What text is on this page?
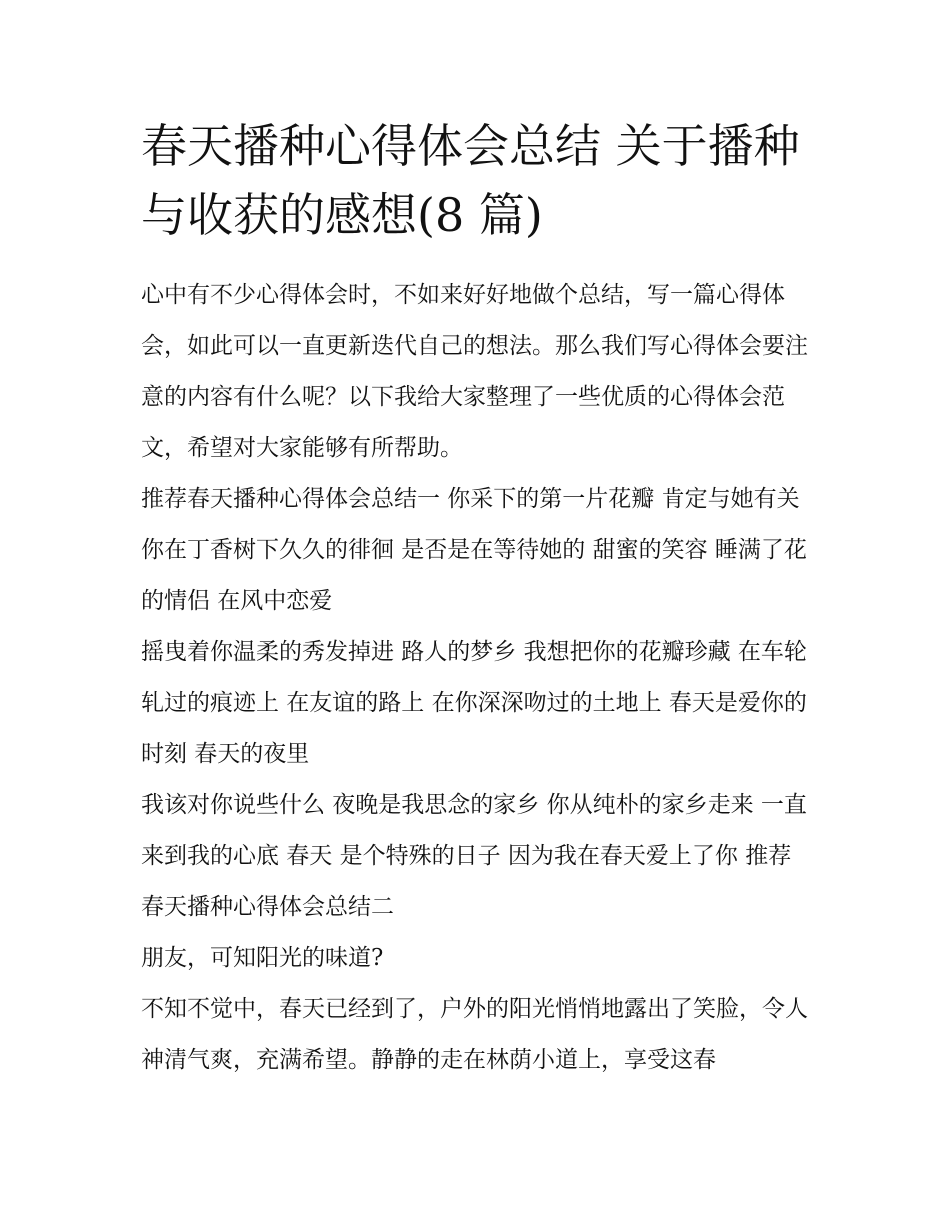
春天播种心得体会总结 关于播种与收获的感想(8 篇)

心中有不少心得体会时，不如来好好地做个总结，写一篇心得体会，如此可以一直更新迭代自己的想法。那么我们写心得体会要注意的内容有什么呢？以下我给大家整理了一些优质的心得体会范文，希望对大家能够有所帮助。

推荐春天播种心得体会总结一 你采下的第一片花瓣 肯定与她有关 你在丁香树下久久的徘徊 是否是在等待她的 甜蜜的笑容 睡满了花的情侣 在风中恋爱

摇曳着你温柔的秀发掉进 路人的梦乡 我想把你的花瓣珍藏 在车轮轧过的痕迹上 在友谊的路上 在你深深吻过的土地上 春天是爱你的时刻 春天的夜里

我该对你说些什么 夜晚是我思念的家乡 你从纯朴的家乡走来 一直来到我的心底 春天 是个特殊的日子 因为我在春天爱上了你 推荐春天播种心得体会总结二

朋友，可知阳光的味道?

不知不觉中，春天已经到了，户外的阳光悄悄地露出了笑脸，令人神清气爽，充满希望。静静的走在林荫小道上，享受这春
